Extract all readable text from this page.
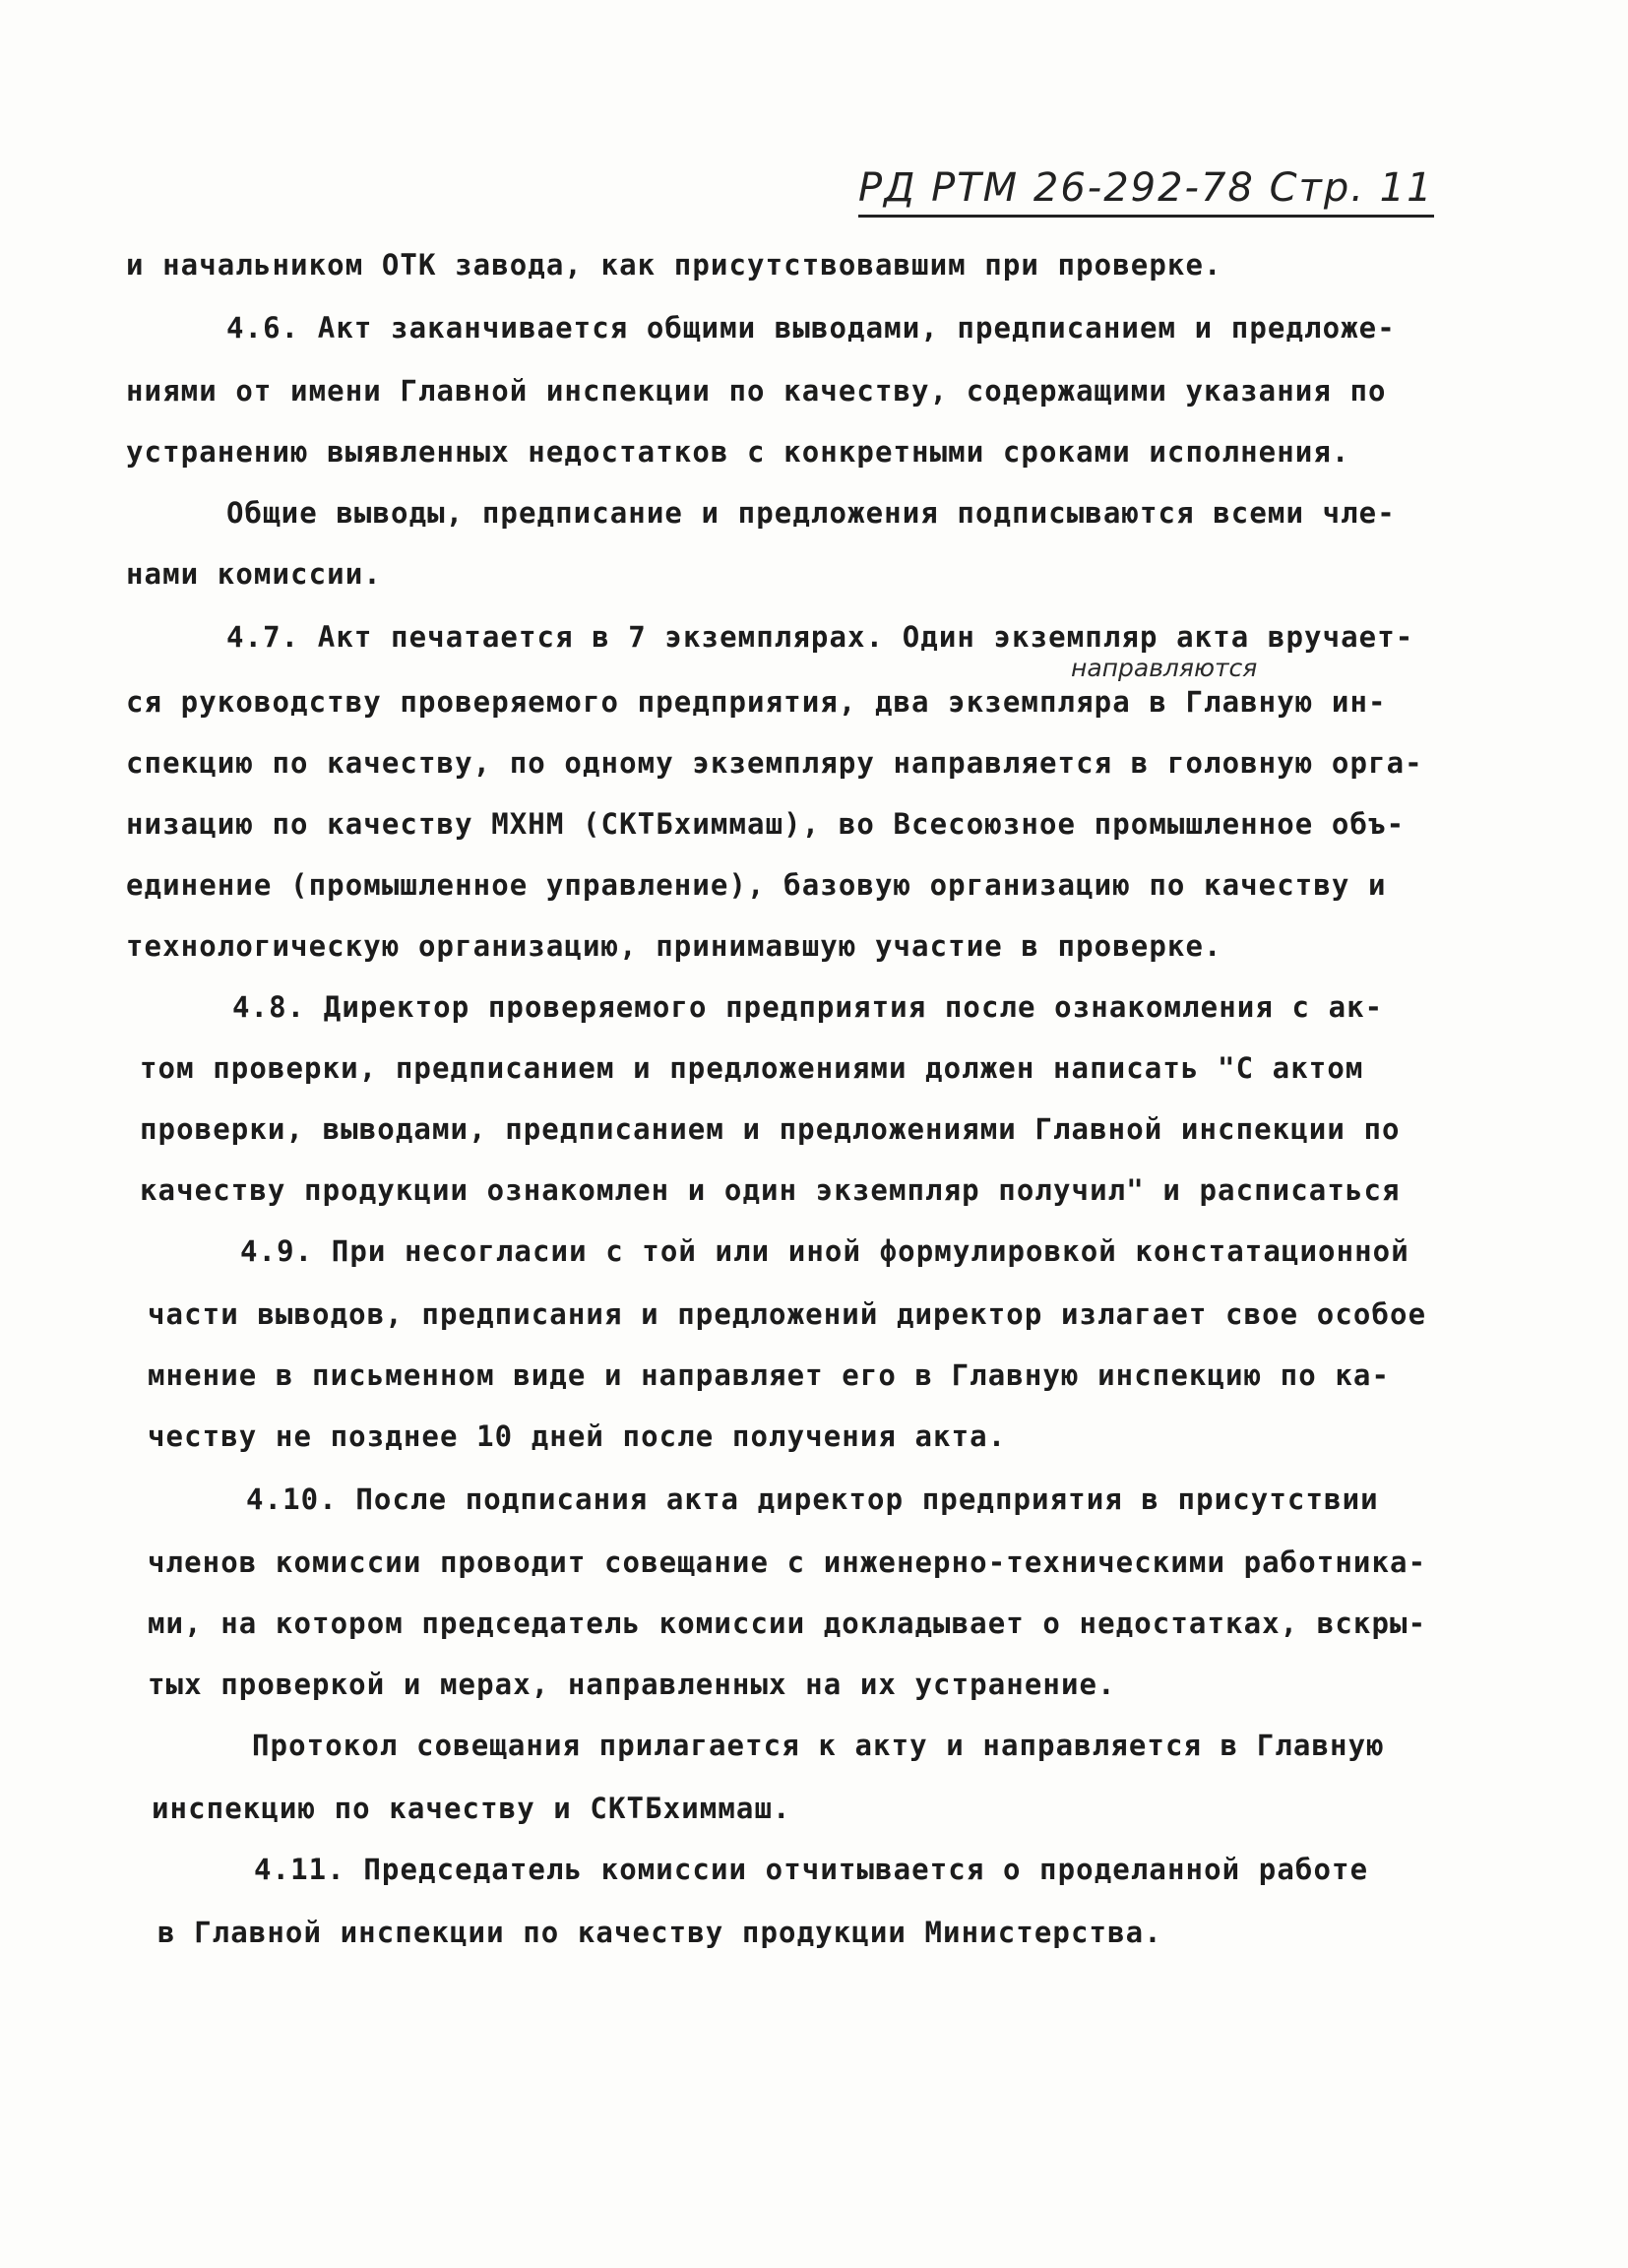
РД РТМ 26-292-78 Стр. 11
направляются
и начальником ОТК завода, как присутствовавшим при проверке.
4.6. Акт заканчивается общими выводами, предписанием и предложе-
ниями от имени Главной инспекции по качеству, содержащими указания по
устранению выявленных недостатков с конкретными сроками исполнения.
Общие выводы, предписание и предложения подписываются всеми чле-
нами комиссии.
4.7. Акт печатается в 7 экземплярах. Один экземпляр акта вручает-
ся руководству проверяемого предприятия, два экземпляра в Главную ин-
спекцию по качеству, по одному экземпляру направляется в головную орга-
низацию по качеству МХНМ (СКТБхиммаш), во Всесоюзное промышленное объ-
единение (промышленное управление), базовую организацию по качеству и
технологическую организацию, принимавшую участие в проверке.
4.8. Директор проверяемого предприятия после ознакомления с ак-
том проверки, предписанием и предложениями должен написать "С актом
проверки, выводами, предписанием и предложениями Главной инспекции по
качеству продукции ознакомлен и один экземпляр получил" и расписаться
4.9. При несогласии с той или иной формулировкой констатационной
части выводов, предписания и предложений директор излагает свое особое
мнение в письменном виде и направляет его в Главную инспекцию по ка-
честву не позднее 10 дней после получения акта.
4.10. После подписания акта директор предприятия в присутствии
членов комиссии проводит совещание с инженерно-техническими работника-
ми, на котором председатель комиссии докладывает о недостатках, вскры-
тых проверкой и мерах, направленных на их устранение.
Протокол совещания прилагается к акту и направляется в Главную
инспекцию по качеству и СКТБхиммаш.
4.11. Председатель комиссии отчитывается о проделанной работе
в Главной инспекции по качеству продукции Министерства.
